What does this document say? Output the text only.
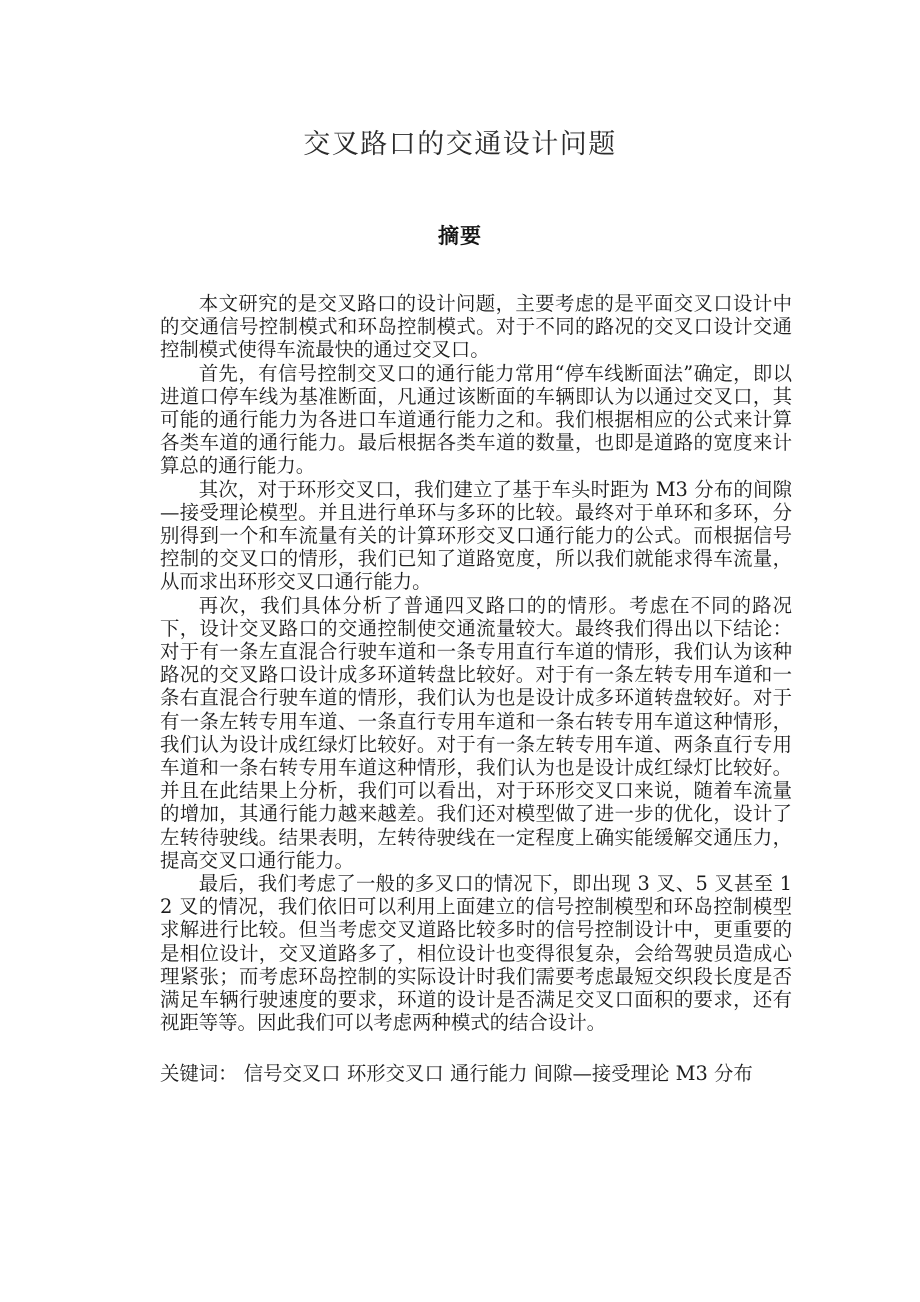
交叉路口的交通设计问题
摘要

本文研究的是交叉路口的设计问题，主要考虑的是平面交叉口设计中的交通信号控制模式和环岛控制模式。对于不同的路况的交叉口设计交通控制模式使得车流最快的通过交叉口。

首先，有信号控制交叉口的通行能力常用“停车线断面法”确定，即以进道口停车线为基准断面，凡通过该断面的车辆即认为以通过交叉口，其可能的通行能力为各进口车道通行能力之和。我们根据相应的公式来计算各类车道的通行能力。最后根据各类车道的数量，也即是道路的宽度来计算总的通行能力。

其次，对于环形交叉口，我们建立了基于车头时距为 M3 分布的间隙—接受理论模型。并且进行单环与多环的比较。最终对于单环和多环，分别得到一个和车流量有关的计算环形交叉口通行能力的公式。而根据信号控制的交叉口的情形，我们已知了道路宽度，所以我们就能求得车流量，从而求出环形交叉口通行能力。

再次，我们具体分析了普通四叉路口的的情形。考虑在不同的路况下，设计交叉路口的交通控制使交通流量较大。最终我们得出以下结论：对于有一条左直混合行驶车道和一条专用直行车道的情形，我们认为该种路况的交叉路口设计成多环道转盘比较好。对于有一条左转专用车道和一条右直混合行驶车道的情形，我们认为也是设计成多环道转盘较好。对于有一条左转专用车道、一条直行专用车道和一条右转专用车道这种情形，我们认为设计成红绿灯比较好。对于有一条左转专用车道、两条直行专用车道和一条右转专用车道这种情形，我们认为也是设计成红绿灯比较好。并且在此结果上分析，我们可以看出，对于环形交叉口来说，随着车流量的增加，其通行能力越来越差。我们还对模型做了进一步的优化，设计了左转待驶线。结果表明，左转待驶线在一定程度上确实能缓解交通压力，提高交叉口通行能力。

最后，我们考虑了一般的多叉口的情况下，即出现 3 叉、5 叉甚至 12 叉的情况，我们依旧可以利用上面建立的信号控制模型和环岛控制模型求解进行比较。但当考虑交叉道路比较多时的信号控制设计中，更重要的是相位设计，交叉道路多了，相位设计也变得很复杂，会给驾驶员造成心理紧张；而考虑环岛控制的实际设计时我们需要考虑最短交织段长度是否满足车辆行驶速度的要求，环道的设计是否满足交叉口面积的要求，还有视距等等。因此我们可以考虑两种模式的结合设计。

关键词： 信号交叉口 环形交叉口 通行能力 间隙—接受理论 M3 分布
